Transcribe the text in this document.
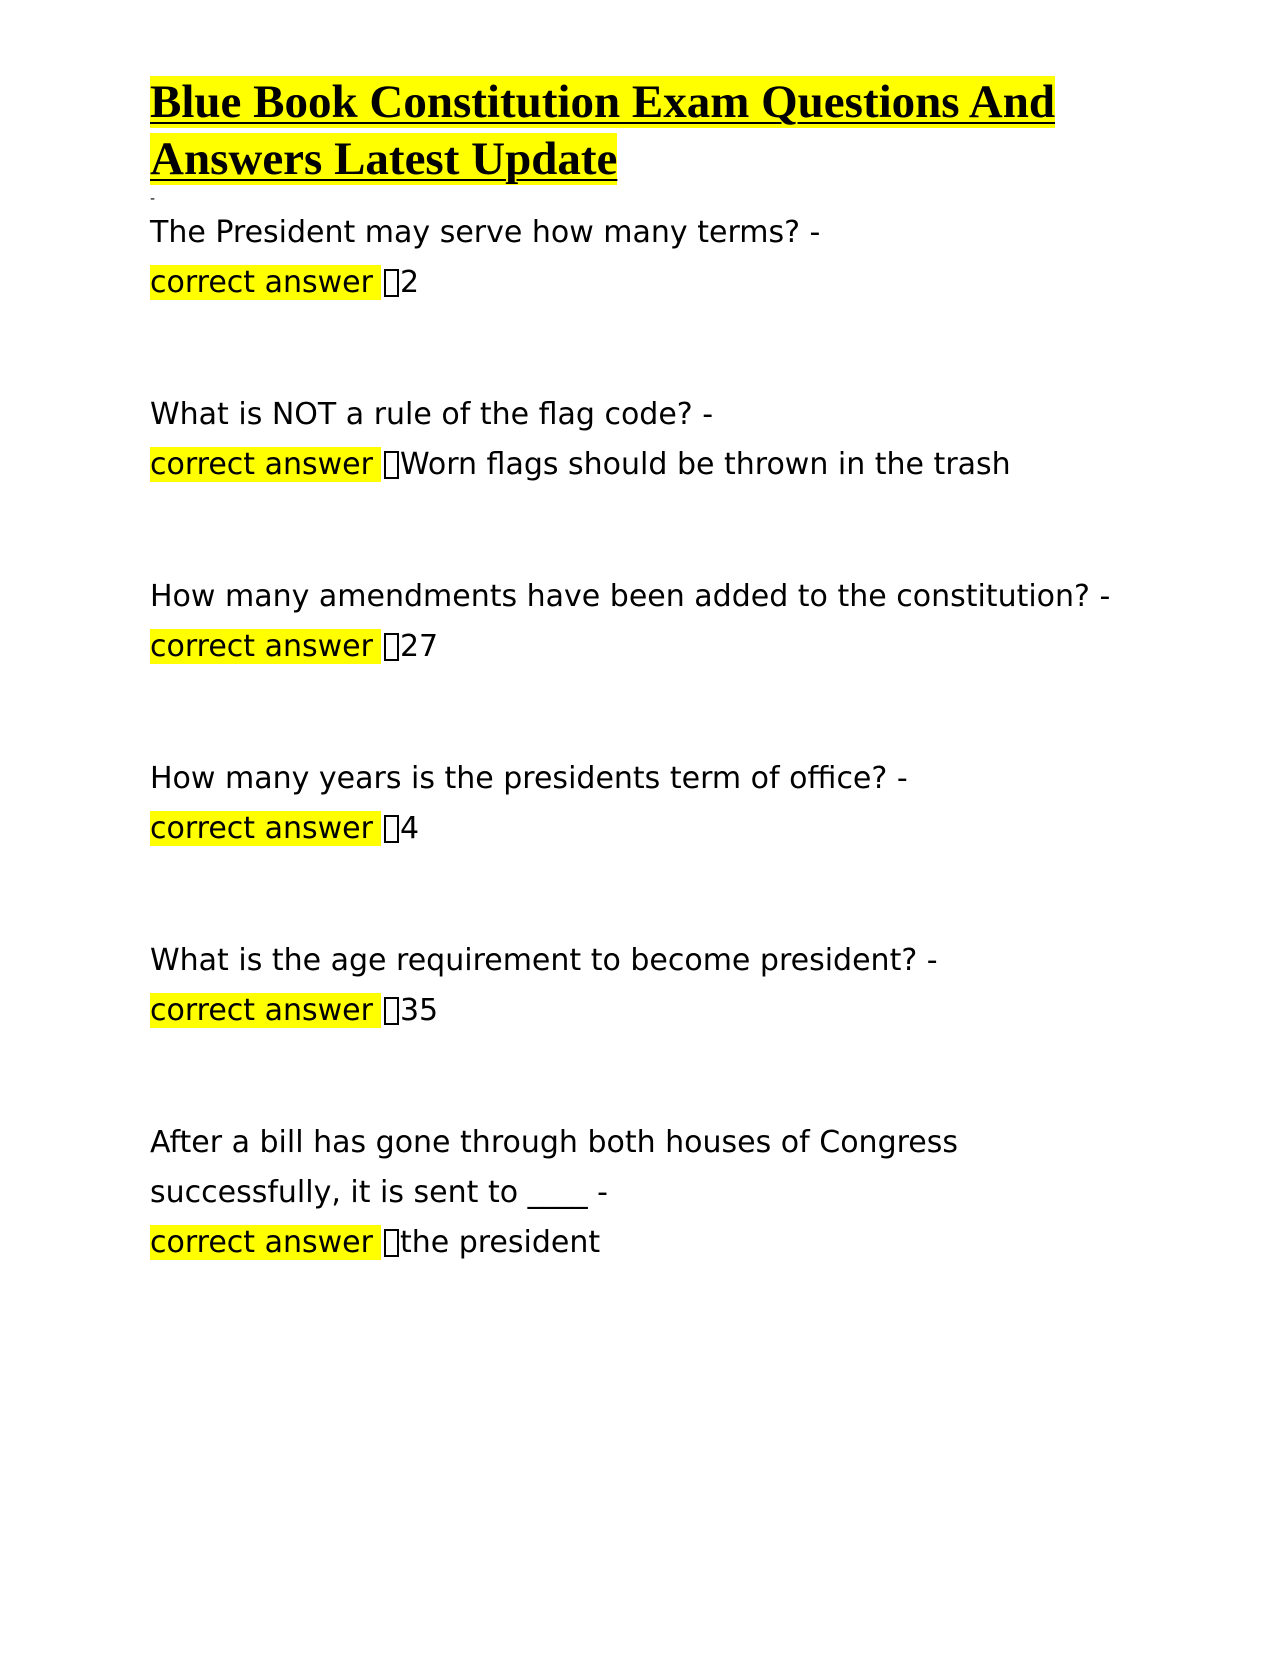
Blue Book Constitution Exam Questions And
Answers Latest Update
-
The President may serve how many terms? -
correct answer 2
What is NOT a rule of the flag code? -
correct answer Worn flags should be thrown in the trash
How many amendments have been added to the constitution? -
correct answer 27
How many years is the presidents term of office? -
correct answer 4
What is the age requirement to become president? -
correct answer 35
After a bill has gone through both houses of Congress successfully, it is sent to ____ -
correct answer the president
